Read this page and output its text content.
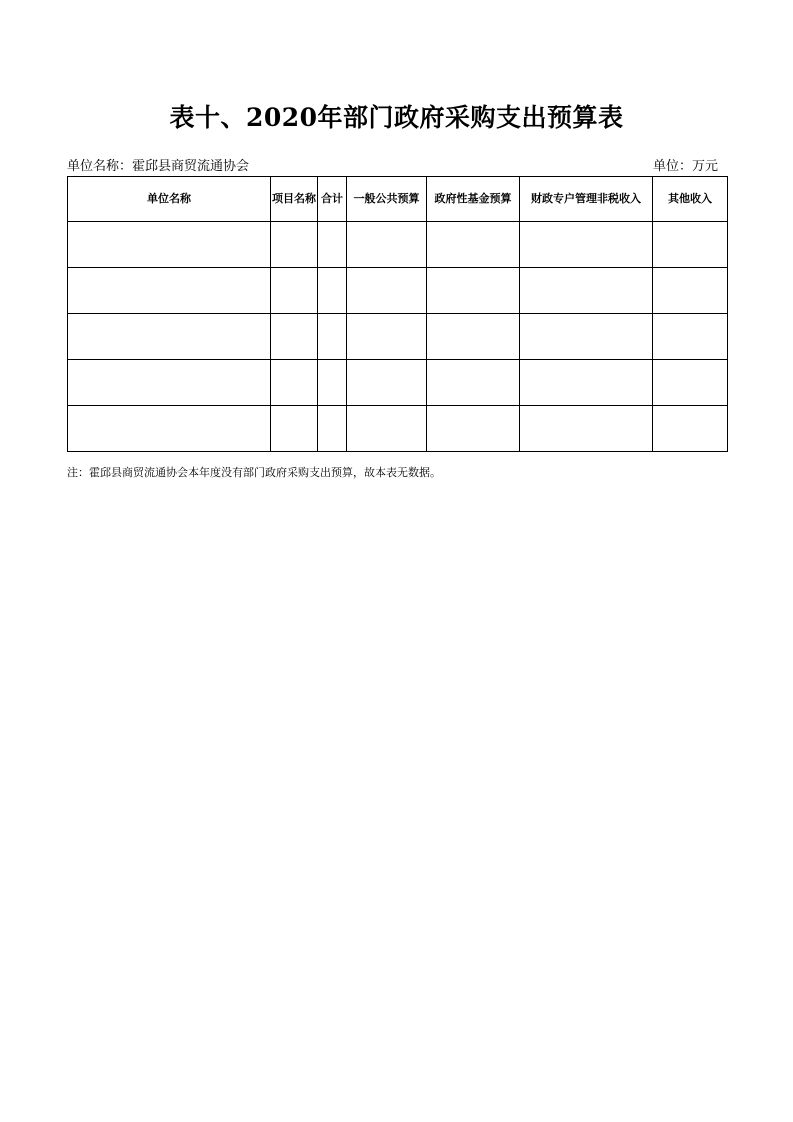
表十、2020年部门政府采购支出预算表
单位名称：霍邱县商贸流通协会	单位：万元
单位名称	项目名称	合计	一般公共预算	政府性基金预算	财政专户管理非税收入	其他收入

注：霍邱县商贸流通协会本年度没有部门政府采购支出预算，故本表无数据。
